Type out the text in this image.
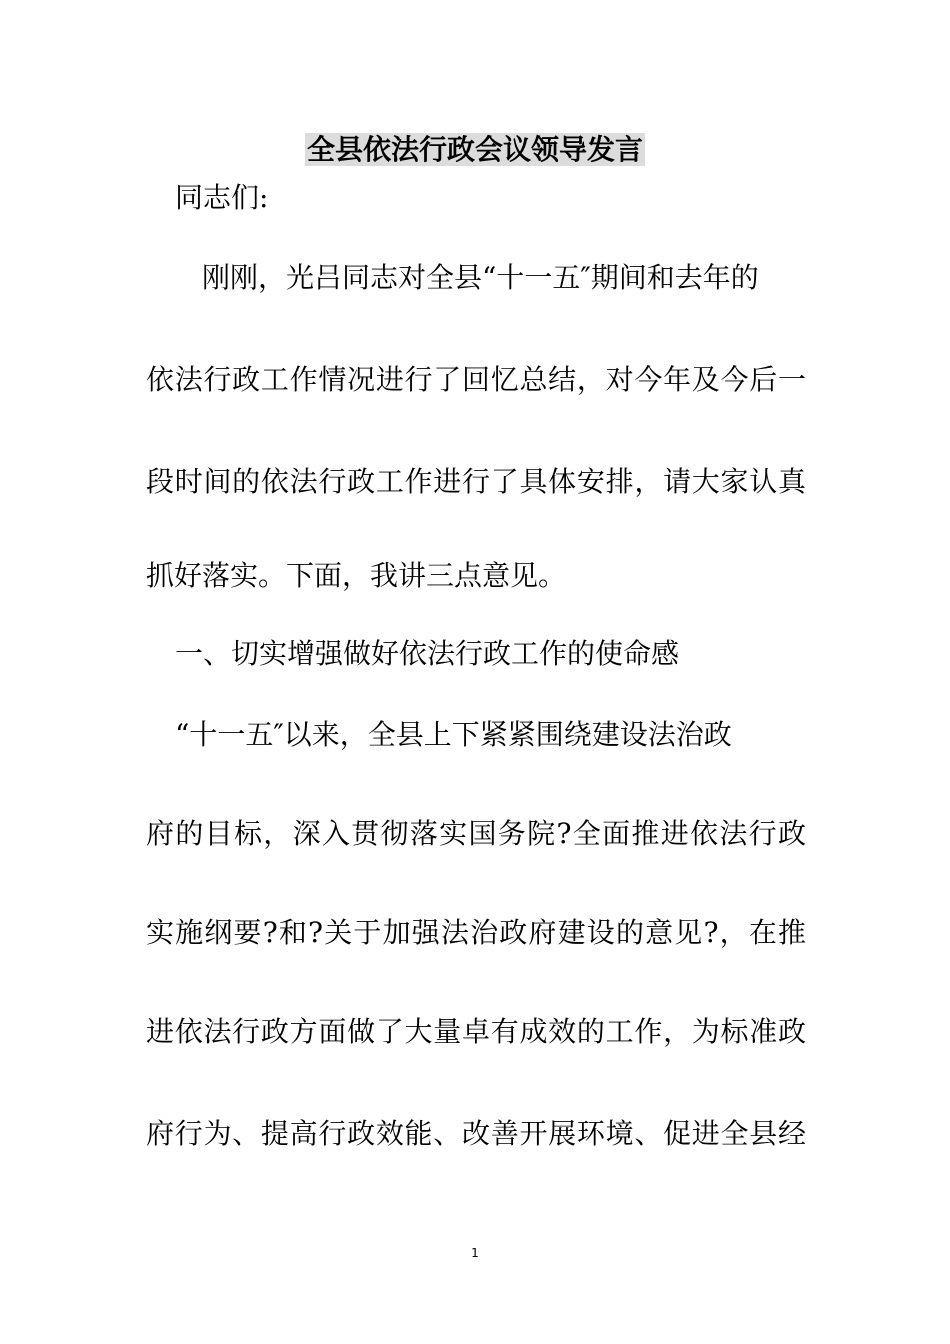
全县依法行政会议领导发言
同志们:
刚刚，光吕同志对全县“十一五″期间和去年的
依法行政工作情况进行了回忆总结，对今年及今后一
段时间的依法行政工作进行了具体安排，请大家认真
抓好落实。下面，我讲三点意见。
一、切实增强做好依法行政工作的使命感
“十一五″以来，全县上下紧紧围绕建设法治政
府的目标，深入贯彻落实国务院?全面推进依法行政
实施纲要?和?关于加强法治政府建设的意见?，在推
进依法行政方面做了大量卓有成效的工作，为标准政
府行为、提高行政效能、改善开展环境、促进全县经
1
